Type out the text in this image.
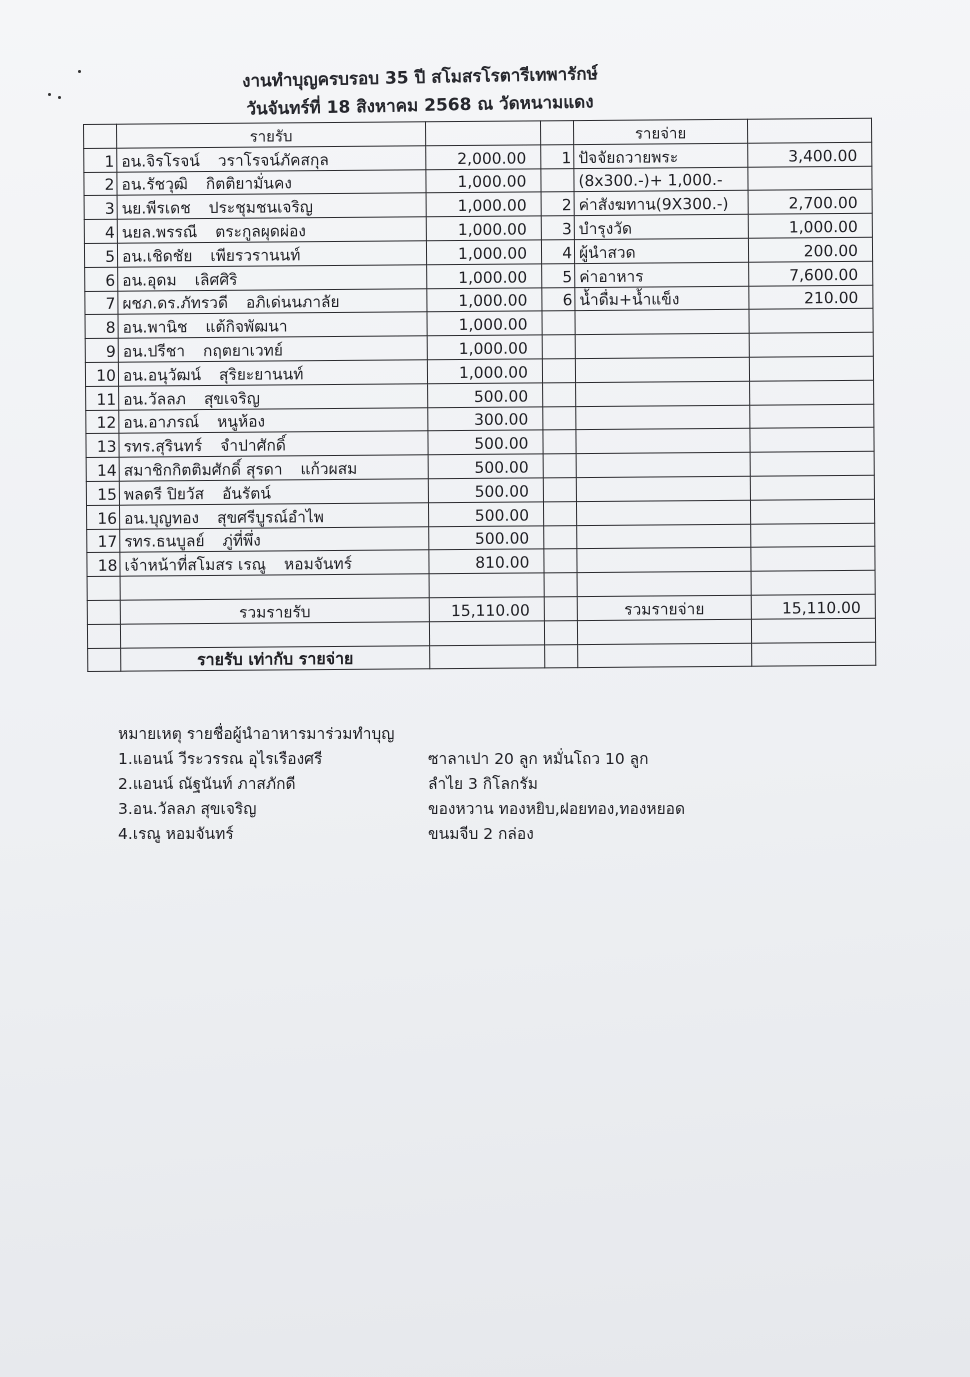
งานทำบุญครบรอบ 35 ปี สโมสรโรตารีเทพารักษ์
วันจันทร์ที่ 18 สิงหาคม 2568 ณ วัดหนามแดง
	รายรับ			รายจ่าย	
1	อน.จิรโรจน์ วราโรจน์ภัคสกุล	2,000.00	1	ปัจจัยถวายพระ	3,400.00
2	อน.รัชวุฒิ กิตติยามั่นคง	1,000.00		(8x300.-)+ 1,000.-	
3	นย.พีรเดช ประชุมชนเจริญ	1,000.00	2	ค่าสังฆทาน(9X300.-)	2,700.00
4	นยล.พรรณี ตระกูลผุดผ่อง	1,000.00	3	บำรุงวัด	1,000.00
5	อน.เชิดชัย เพียรวรานนท์	1,000.00	4	ผู้นำสวด	200.00
6	อน.อุดม เลิศศิริ	1,000.00	5	ค่าอาหาร	7,600.00
7	ผชภ.ดร.ภัทรวดี อภิเด่นนภาลัย	1,000.00	6	น้ำดื่ม+น้ำแข็ง	210.00
8	อน.พานิช แต้กิจพัฒนา	1,000.00			
9	อน.ปรีชา กฤตยาเวทย์	1,000.00			
10	อน.อนุวัฒน์ สุริยะยานนท์	1,000.00			
11	อน.วัลลภ สุขเจริญ	500.00			
12	อน.อาภรณ์ หนูห้อง	300.00			
13	รทร.สุรินทร์ จำปาศักดิ์	500.00			
14	สมาชิกกิตติมศักดิ์ สุรดา แก้วผสม	500.00			
15	พลตรี ปิยวัส อันรัตน์	500.00			
16	อน.บุญทอง สุขศรีบูรณ์อำไพ	500.00			
17	รทร.ธนบูลย์ ภู่ที่พึ่ง	500.00			
18	เจ้าหน้าที่สโมสร เรณู หอมจันทร์	810.00			

	รวมรายรับ	15,110.00		รวมรายจ่าย	15,110.00

	รายรับ เท่ากับ รายจ่าย				
หมายเหตุ รายชื่อผู้นำอาหารมาร่วมทำบุญ
1.แอนน์ วีระวรรณ อุไรเรืองศรี	ซาลาเปา 20 ลูก หมั่นโถว 10 ลูก
2.แอนน์ ณัฐนันท์ ภาสภักดี	ลำไย 3 กิโลกรัม
3.อน.วัลลภ สุขเจริญ	ของหวาน ทองหยิบ,ฝอยทอง,ทองหยอด
4.เรณู หอมจันทร์	ขนมจีบ 2 กล่อง
